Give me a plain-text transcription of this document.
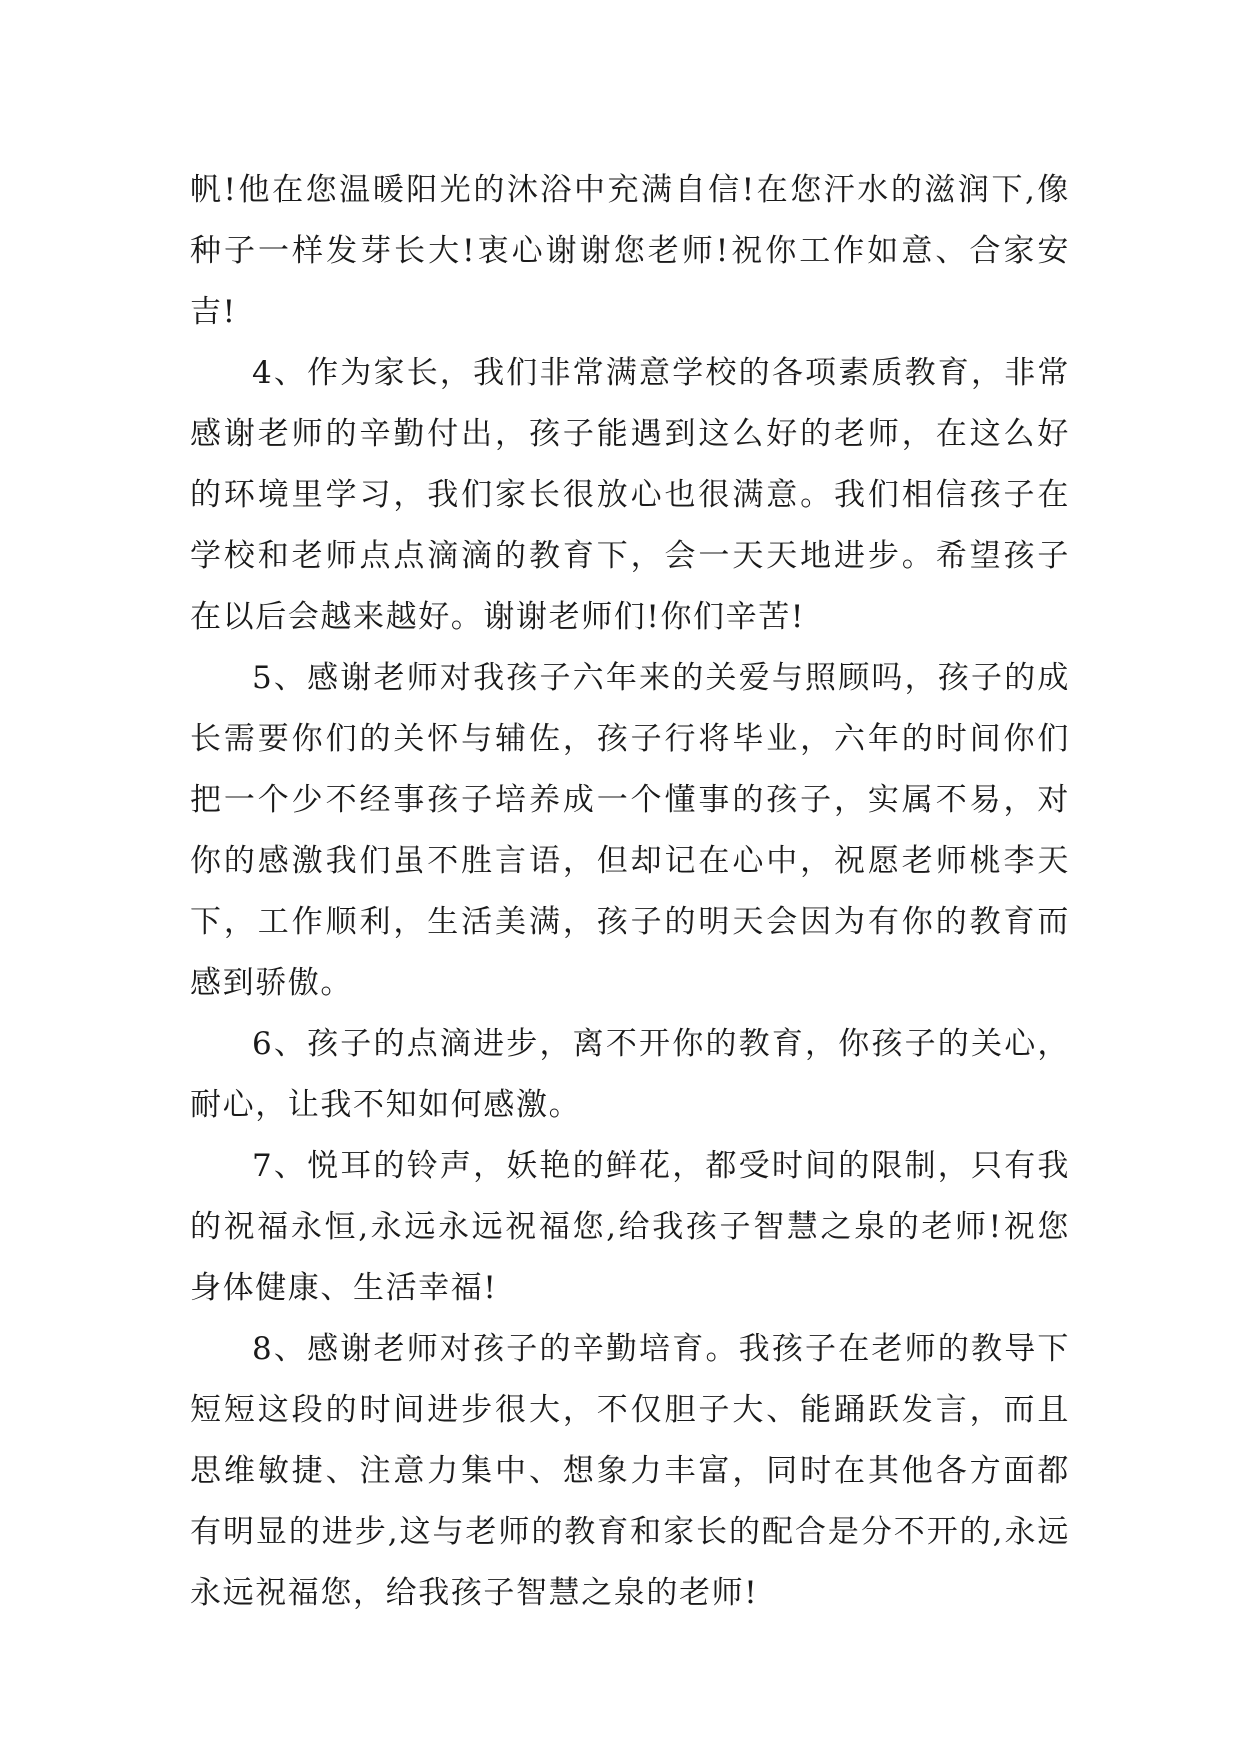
帆!他在您温暖阳光的沐浴中充满自信!在您汗水的滋润下,像种子一样发芽长大!衷心谢谢您老师!祝你工作如意、合家安吉!

4、作为家长，我们非常满意学校的各项素质教育，非常感谢老师的辛勤付出，孩子能遇到这么好的老师，在这么好的环境里学习，我们家长很放心也很满意。我们相信孩子在学校和老师点点滴滴的教育下，会一天天地进步。希望孩子在以后会越来越好。谢谢老师们!你们辛苦!

5、感谢老师对我孩子六年来的关爱与照顾吗，孩子的成长需要你们的关怀与辅佐，孩子行将毕业，六年的时间你们把一个少不经事孩子培养成一个懂事的孩子，实属不易，对你的感激我们虽不胜言语，但却记在心中，祝愿老师桃李天下，工作顺利，生活美满，孩子的明天会因为有你的教育而感到骄傲。

6、孩子的点滴进步，离不开你的教育，你孩子的关心，耐心，让我不知如何感激。

7、悦耳的铃声，妖艳的鲜花，都受时间的限制，只有我的祝福永恒,永远永远祝福您,给我孩子智慧之泉的老师!祝您身体健康、生活幸福!

8、感谢老师对孩子的辛勤培育。我孩子在老师的教导下短短这段的时间进步很大，不仅胆子大、能踊跃发言，而且思维敏捷、注意力集中、想象力丰富，同时在其他各方面都有明显的进步,这与老师的教育和家长的配合是分不开的,永远永远祝福您，给我孩子智慧之泉的老师!
